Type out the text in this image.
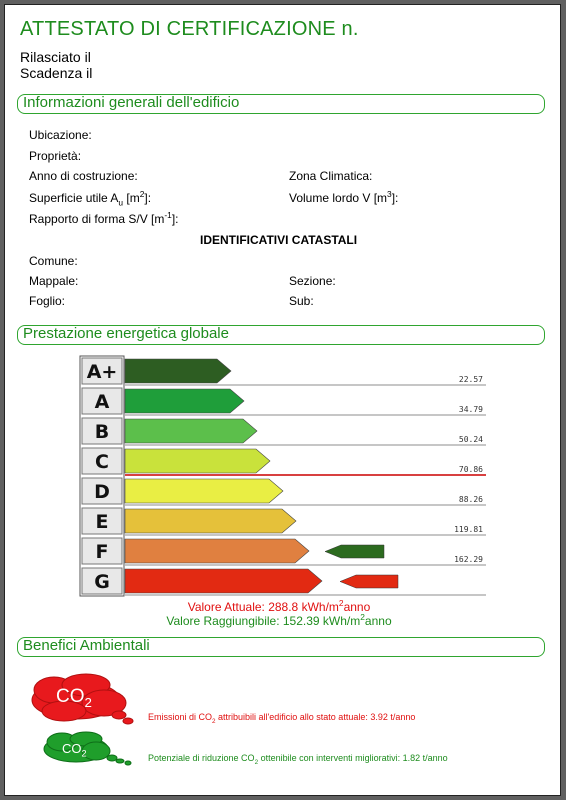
ATTESTATO DI CERTIFICAZIONE n.
Rilasciato il
Scadenza il
Informazioni generali dell'edificio
Ubicazione:
Proprietà:
Anno di costruzione:	Zona Climatica:
Superficie utile $A_u$ $[m^2]$:	Volume lordo V $[m^3]$:
Rapporto di forma S/V $[m^{-1}]$:
IDENTIFICATIVI CATASTALI
Comune:
Mappale:	Sezione:
Foglio:	Sub:
Prestazione energetica globale
A+	22.57
A	34.79
B	50.24
C	70.86
D	88.26
E	119.81
F	162.29
G
Valore Attuale: 288.8 kWh/$m^2anno$
Valore Raggiungibile: 152.39 kWh/$m^2anno$
Benefici Ambientali
$CO_2$
$CO_2$
Emissioni di $CO_2$ attribuibili all'edificio allo stato attuale: 3.92 t/anno
Potenziale di riduzione $CO_2$ ottenibile con interventi migliorativi: 1.82 t/anno
